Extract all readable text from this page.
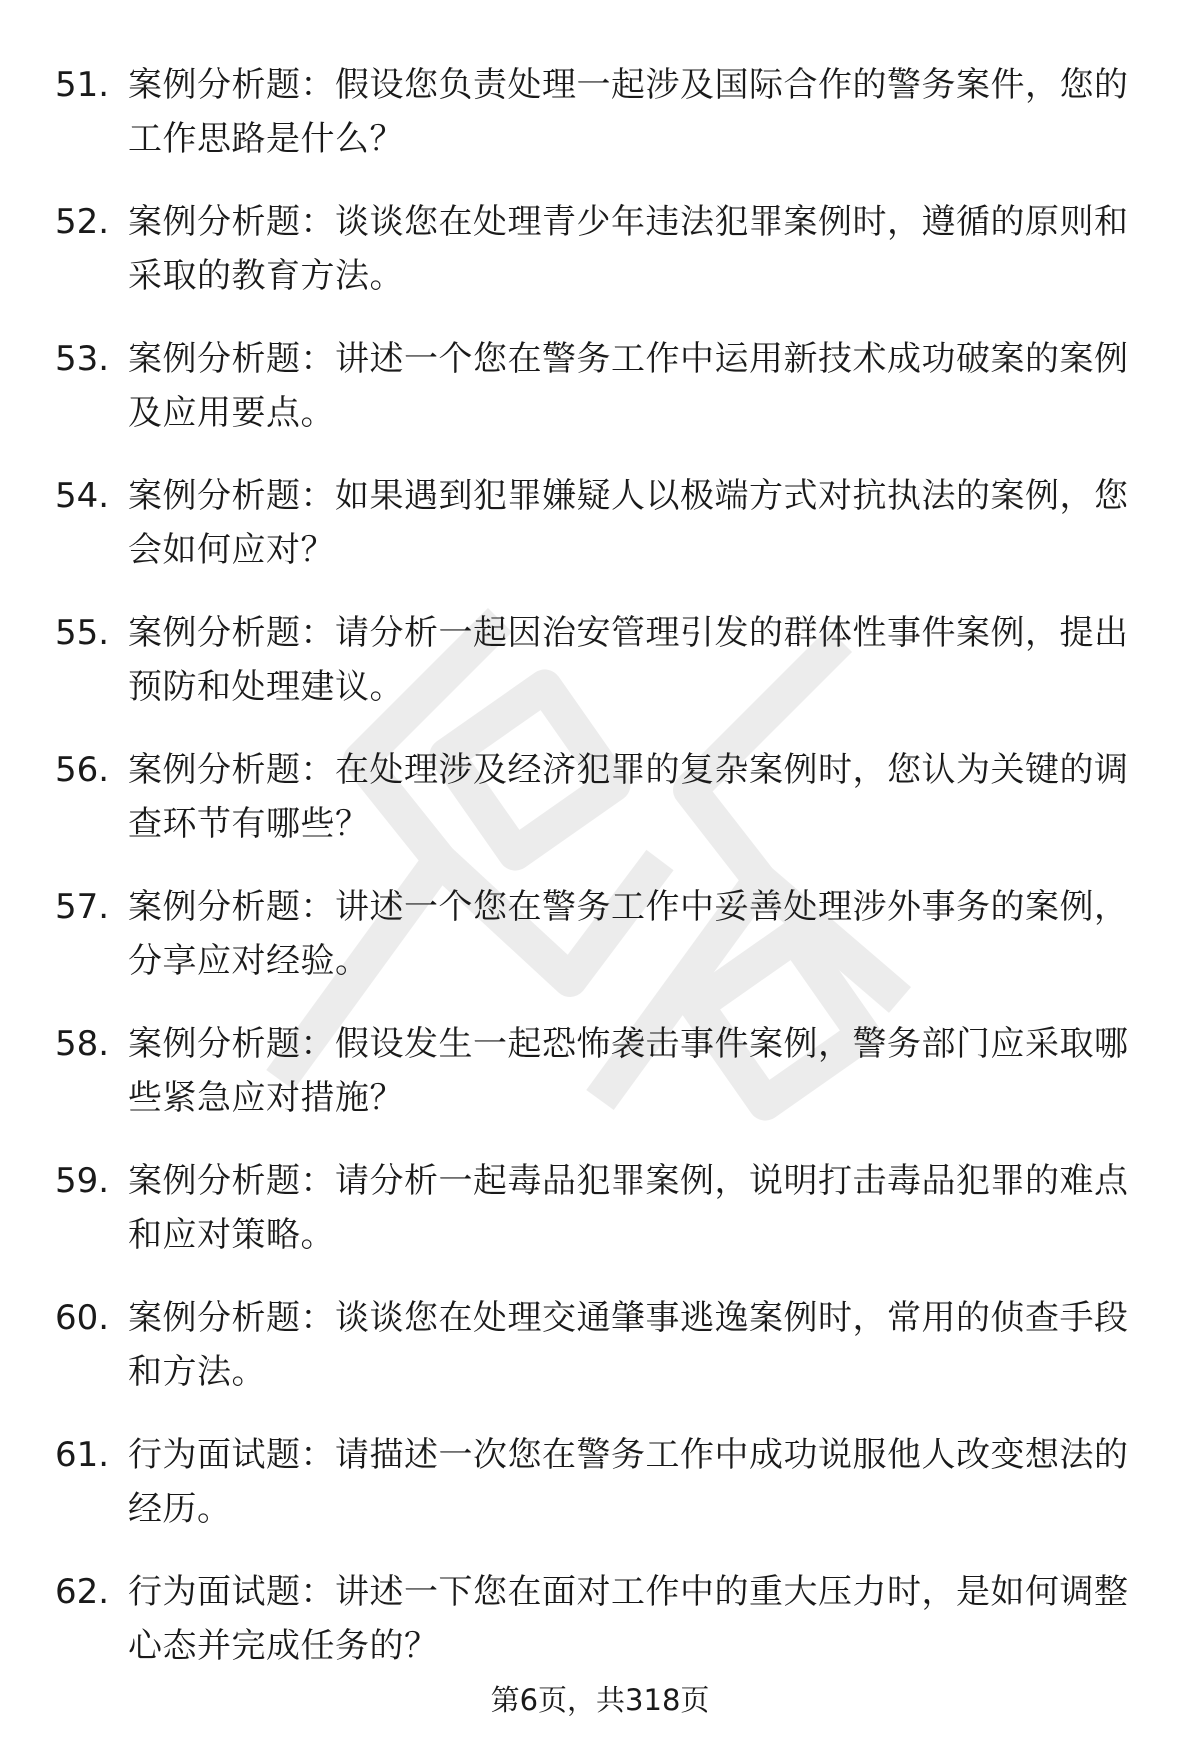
51. 案例分析题：假设您负责处理一起涉及国际合作的警务案件，您的工作思路是什么？
52. 案例分析题：谈谈您在处理青少年违法犯罪案例时，遵循的原则和采取的教育方法。
53. 案例分析题：讲述一个您在警务工作中运用新技术成功破案的案例及应用要点。
54. 案例分析题：如果遇到犯罪嫌疑人以极端方式对抗执法的案例，您会如何应对？
55. 案例分析题：请分析一起因治安管理引发的群体性事件案例，提出预防和处理建议。
56. 案例分析题：在处理涉及经济犯罪的复杂案例时，您认为关键的调查环节有哪些？
57. 案例分析题：讲述一个您在警务工作中妥善处理涉外事务的案例，分享应对经验。
58. 案例分析题：假设发生一起恐怖袭击事件案例，警务部门应采取哪些紧急应对措施？
59. 案例分析题：请分析一起毒品犯罪案例，说明打击毒品犯罪的难点和应对策略。
60. 案例分析题：谈谈您在处理交通肇事逃逸案例时，常用的侦查手段和方法。
61. 行为面试题：请描述一次您在警务工作中成功说服他人改变想法的经历。
62. 行为面试题：讲述一下您在面对工作中的重大压力时，是如何调整心态并完成任务的？
第6页，共318页
